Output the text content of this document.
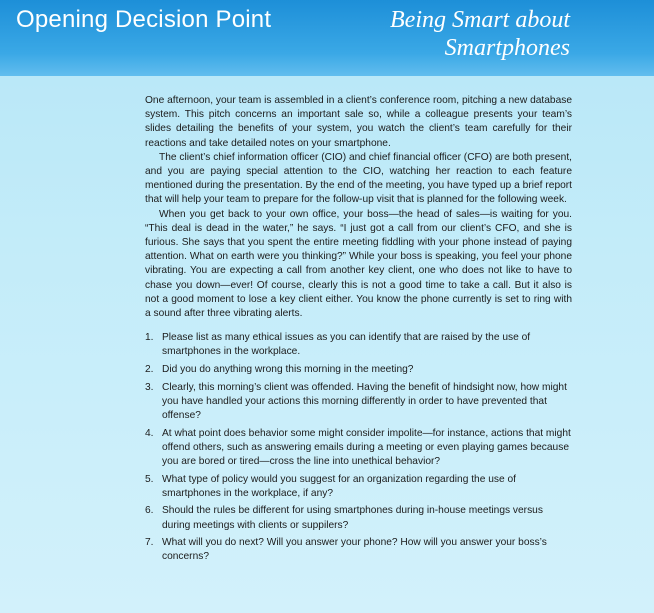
Opening Decision Point	Being Smart about Smartphones

One afternoon, your team is assembled in a client’s conference room, pitching a new database system. This pitch concerns an important sale so, while a colleague presents your team’s slides detailing the benefits of your system, you watch the client’s team carefully for their reactions and take detailed notes on your smartphone.

The client’s chief information officer (CIO) and chief financial officer (CFO) are both present, and you are paying special attention to the CIO, watching her reaction to each feature mentioned during the presentation. By the end of the meeting, you have typed up a brief report that will help your team to prepare for the follow-up visit that is planned for the following week.

When you get back to your own office, your boss—the head of sales—is waiting for you. “This deal is dead in the water,” he says. “I just got a call from our client’s CFO, and she is furious. She says that you spent the entire meeting fiddling with your phone instead of paying attention. What on earth were you thinking?” While your boss is speaking, you feel your phone vibrating. You are expecting a call from another key client, one who does not like to have to chase you down—ever! Of course, clearly this is not a good time to take a call. But it also is not a good moment to lose a key client either. You know the phone currently is set to ring with a sound after three vibrating alerts.

1. Please list as many ethical issues as you can identify that are raised by the use of smartphones in the workplace.
2. Did you do anything wrong this morning in the meeting?
3. Clearly, this morning’s client was offended. Having the benefit of hindsight now, how might you have handled your actions this morning differently in order to have prevented that offense?
4. At what point does behavior some might consider impolite—for instance, actions that might offend others, such as answering emails during a meeting or even playing games because you are bored or tired—cross the line into unethical behavior?
5. What type of policy would you suggest for an organization regarding the use of smartphones in the workplace, if any?
6. Should the rules be different for using smartphones during in-house meetings versus during meetings with clients or suppilers?
7. What will you do next? Will you answer your phone? How will you answer your boss’s concerns?
